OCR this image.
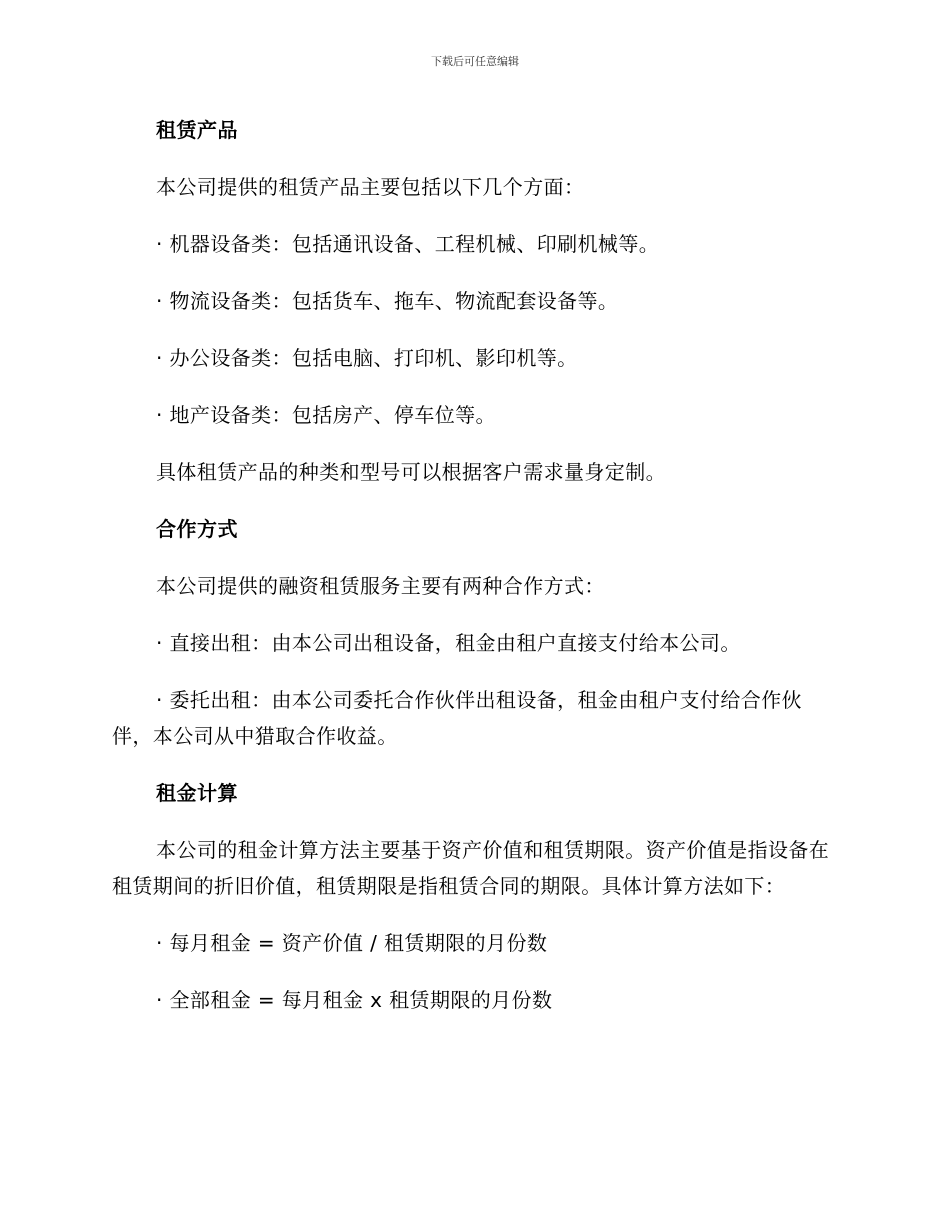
下载后可任意编辑
租赁产品

本公司提供的租赁产品主要包括以下几个方面：

· 机器设备类：包括通讯设备、工程机械、印刷机械等。

· 物流设备类：包括货车、拖车、物流配套设备等。

· 办公设备类：包括电脑、打印机、影印机等。

· 地产设备类：包括房产、停车位等。

具体租赁产品的种类和型号可以根据客户需求量身定制。

合作方式

本公司提供的融资租赁服务主要有两种合作方式：

· 直接出租：由本公司出租设备，租金由租户直接支付给本公司。

· 委托出租：由本公司委托合作伙伴出租设备，租金由租户支付给合作伙伴，本公司从中猎取合作收益。

租金计算

本公司的租金计算方法主要基于资产价值和租赁期限。资产价值是指设备在租赁期间的折旧价值，租赁期限是指租赁合同的期限。具体计算方法如下：

· 每月租金 = 资产价值 / 租赁期限的月份数

· 全部租金 = 每月租金 x 租赁期限的月份数
